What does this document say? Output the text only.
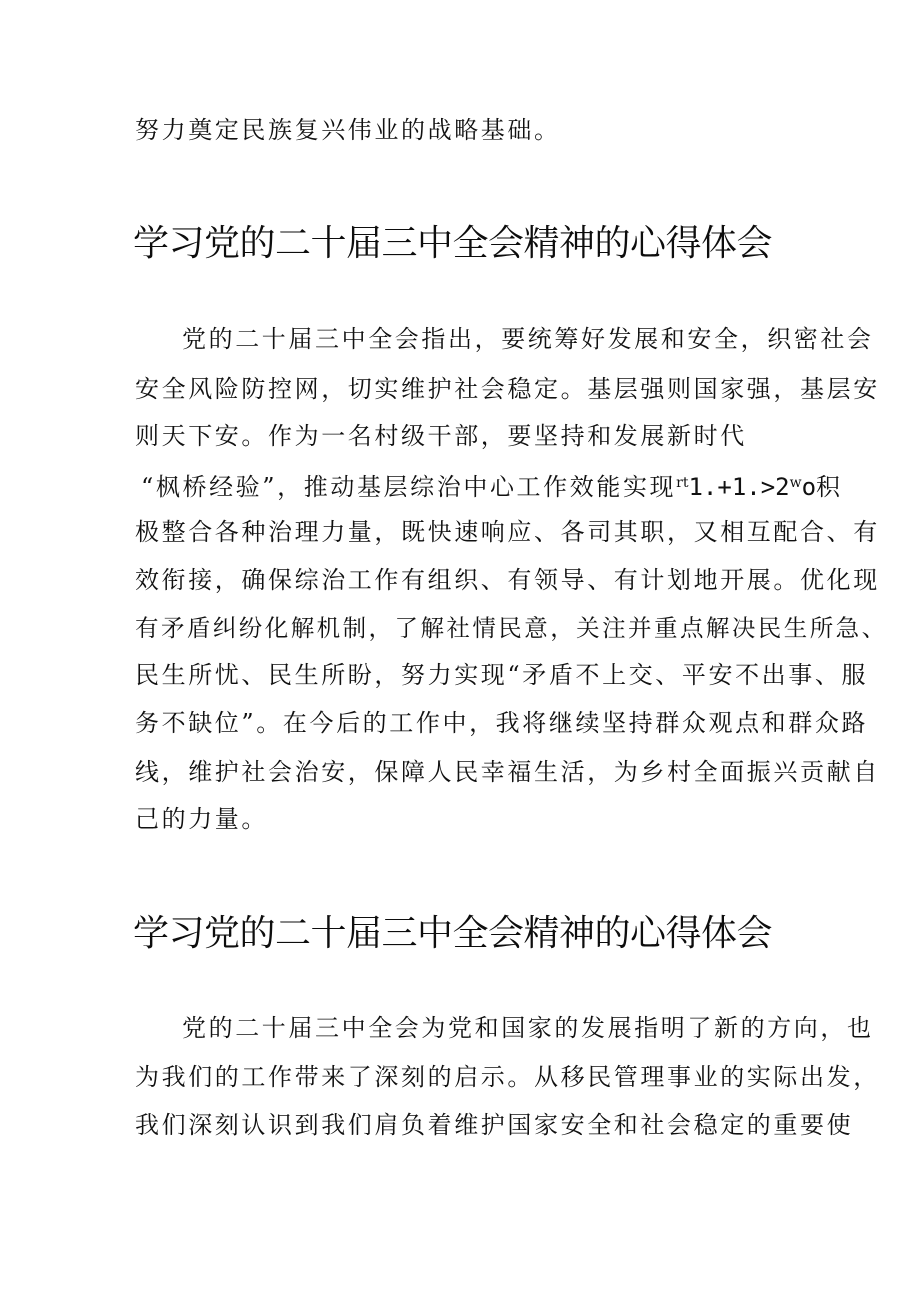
努力奠定民族复兴伟业的战略基础。

学习党的二十届三中全会精神的心得体会

党的二十届三中全会指出，要统筹好发展和安全，织密社会

安全风险防控网，切实维护社会稳定。基层强则国家强，基层安

则天下安。作为一名村级干部，要坚持和发展新时代

“枫桥经验”，推动基层综治中心工作效能实现$^{rt}1.+1.>2^wo$积

极整合各种治理力量，既快速响应、各司其职，又相互配合、有

效衔接，确保综治工作有组织、有领导、有计划地开展。优化现

有矛盾纠纷化解机制，了解社情民意，关注并重点解决民生所急、

民生所忧、民生所盼，努力实现“矛盾不上交、平安不出事、服

务不缺位”。在今后的工作中，我将继续坚持群众观点和群众路

线，维护社会治安，保障人民幸福生活，为乡村全面振兴贡献自

己的力量。

学习党的二十届三中全会精神的心得体会

党的二十届三中全会为党和国家的发展指明了新的方向，也

为我们的工作带来了深刻的启示。从移民管理事业的实际出发，

我们深刻认识到我们肩负着维护国家安全和社会稳定的重要使
